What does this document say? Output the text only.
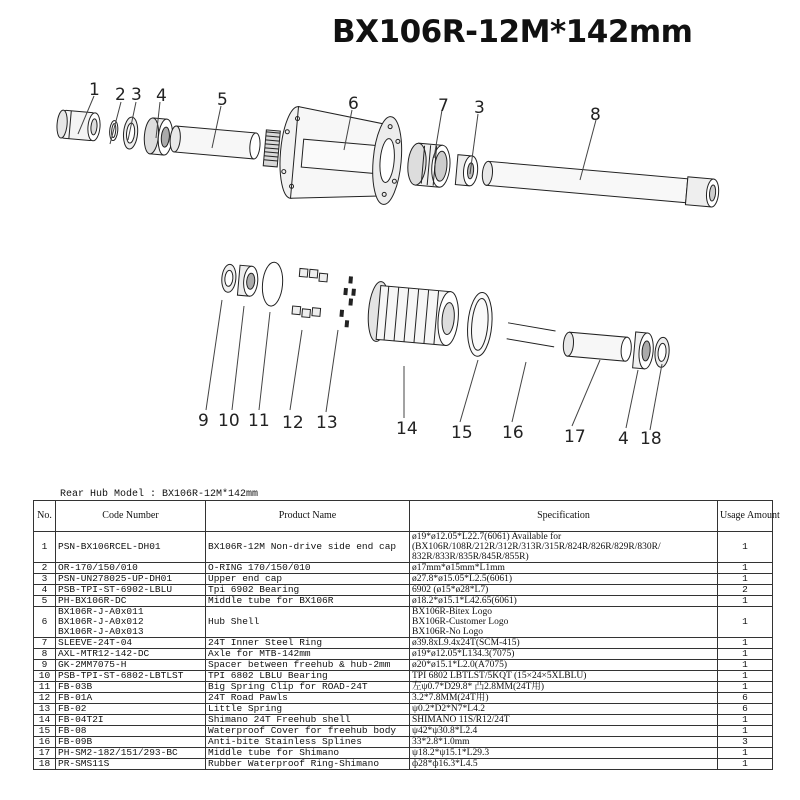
BX106R-12M*142mm
1 2 3 4	5	6	7 3	8
9 10 11 12 13	14 15 16 17 4 18
Rear Hub Model : BX106R-12M*142mm
No.	Code Number	Product Name	Specification	Usage Amount
1	PSN-BX106RCEL-DH01	BX106R-12M Non-drive side end cap	ø19*ø12.05*L22.7(6061) Available for
(BX106R/108R/212R/312R/313R/315R/824R/826R/829R/830R/
832R/833R/835R/845R/855R)	1
2	OR-170/150/010	O-RING 170/150/010	ø17mm*ø15mm*L1mm	1
3	PSN-UN278025-UP-DH01	Upper end cap	ø27.8*ø15.05*L2.5(6061)	1
4	PSB-TPI-ST-6902-LBLU	Tpi 6902 Bearing	6902 (ø15*ø28*L7)	2
5	PH-BX106R-DC	Middle tube for BX106R	ø18.2*ø15.1*L42.65(6061)	1
6	BX106R-J-A0x011
BX106R-J-A0x012
BX106R-J-A0x013	Hub Shell	BX106R-Bitex Logo
BX106R-Customer Logo
BX106R-No Logo	1
7	SLEEVE-24T-04	24T Inner Steel Ring	ø39.8xL9.4x24T(SCM-415)	1
8	AXL-MTR12-142-DC	Axle for MTB-142mm	ø19*ø12.05*L134.3(7075)	1
9	GK-2MM7075-H	Spacer between freehub & hub-2mm	ø20*ø15.1*L2.0(A7075)	1
10	PSB-TPI-ST-6802-LBTLST	TPI 6802 LBLU Bearing	TPI 6802 LBTLST/5KQT (15×24×5XLBLU)	1
11	FB-03B	Big Spring Clip for ROAD-24T	左ψ0.7*D29.8* 凸2.8MM(24T用)	1
12	FB-01A	24T Road Pawls	3.2*7.8MM(24T用)	6
13	FB-02	Little Spring	ψ0.2*D2*N7*L4.2	6
14	FB-04T2I	Shimano 24T Freehub shell	SHIMANO 11S/R12/24T	1
15	FB-08	Waterproof Cover for freehub body	ψ42*ψ30.8*L2.4	1
16	FB-09B	Anti-bite Stainless Splines	33*2.8*1.0mm	3
17	PH-SM2-182/151/293-BC	Middle tube for Shimano	ψ18.2*ψ15.1*L29.3	1
18	PR-SMS11S	Rubber Waterproof Ring-Shimano	ф28*ф16.3*L4.5	1
